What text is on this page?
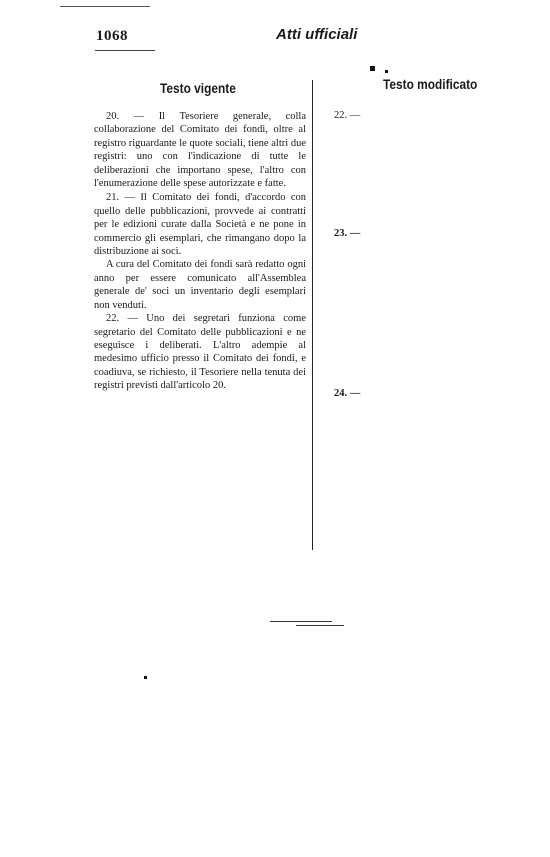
1068	Atti ufficiali
Testo vigente	Testo modificato

20. — Il Tesoriere generale, colla collaborazione del Comitato dei fondi, oltre al registro riguardante le quote sociali, tiene altri due registri: uno con l'indicazione di tutte le deliberazioni che importano spese, l'altro con l'enumerazione delle spese autorizzate e fatte.

21. — Il Comitato dei fondi, d'accordo con quello delle pubblicazioni, provvede ai contratti per le edizioni curate dalla Società e ne pone in commercio gli esemplari, che rimangano dopo la distribuzione ai soci.

A cura del Comitato dei fondi sarà redatto ogni anno per essere comunicato all'Assemblea generale de' soci un inventario degli esemplari non venduti.

22. — Uno dei segretari funziona come segretario del Comitato delle pubblicazioni e ne eseguisce i deliberati. L'altro adempie al medesimo ufficio presso il Comitato dei fondi, e coadiuva, se richiesto, il Tesoriere nella tenuta dei registri previsti dall'articolo 20.

22. —
23. —
24. —
